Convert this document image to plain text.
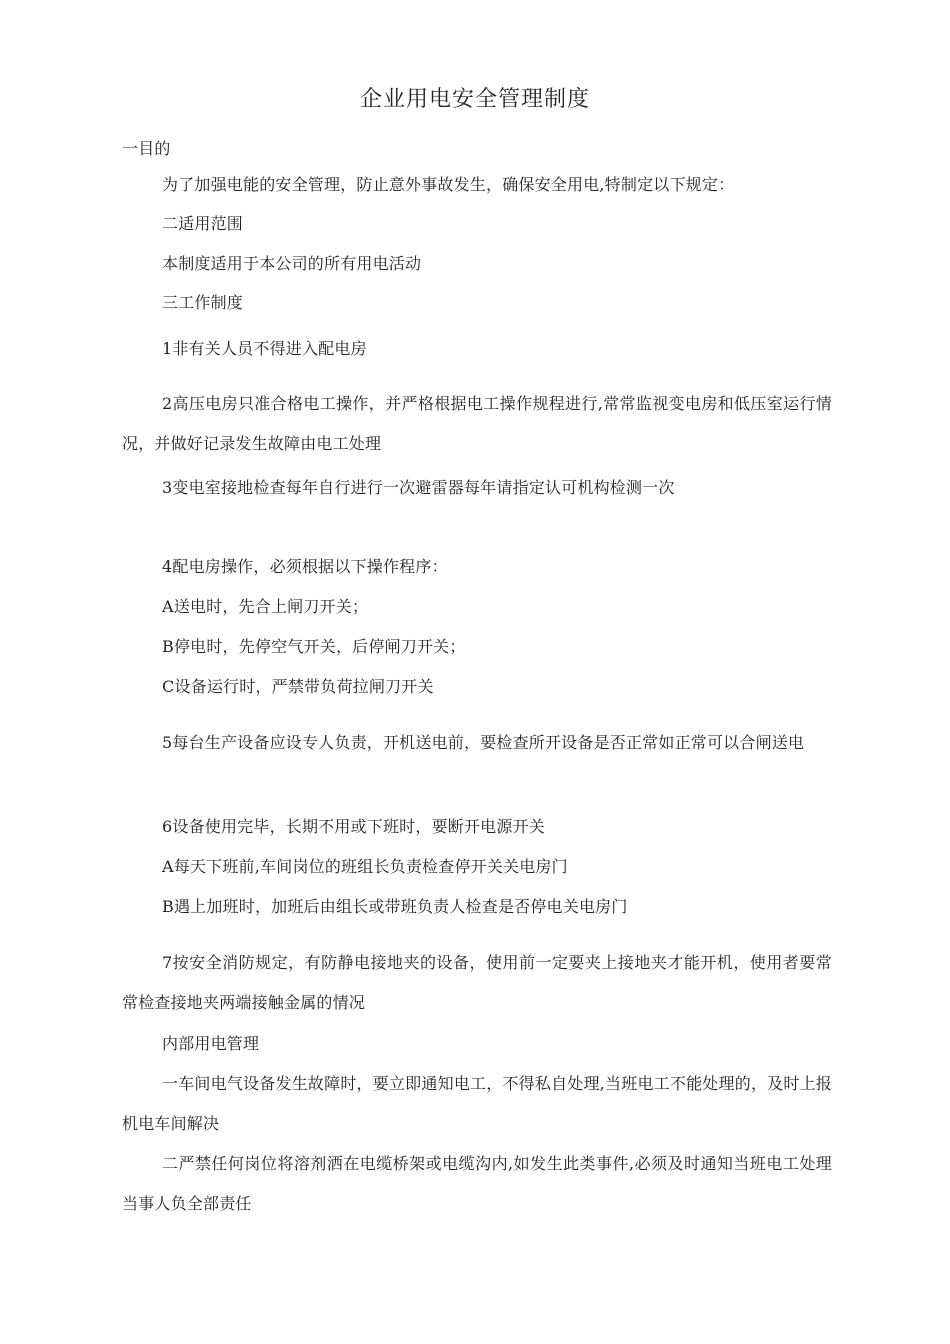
企业用电安全管理制度
一目的
为了加强电能的安全管理，防止意外事故发生，确保安全用电,特制定以下规定：
二适用范围
本制度适用于本公司的所有用电活动
三工作制度
1非有关人员不得进入配电房
2高压电房只准合格电工操作，并严格根据电工操作规程进行,常常监视变电房和低压室运行情况，并做好记录发生故障由电工处理
3变电室接地检查每年自行进行一次避雷器每年请指定认可机构检测一次
4配电房操作，必须根据以下操作程序：
A送电时，先合上闸刀开关；
B停电时，先停空气开关，后停闸刀开关；
C设备运行时，严禁带负荷拉闸刀开关
5每台生产设备应设专人负责，开机送电前，要检查所开设备是否正常如正常可以合闸送电
6设备使用完毕，长期不用或下班时，要断开电源开关
A每天下班前,车间岗位的班组长负责检查停开关关电房门
B遇上加班时，加班后由组长或带班负责人检查是否停电关电房门
7按安全消防规定，有防静电接地夹的设备，使用前一定要夹上接地夹才能开机，使用者要常常检查接地夹两端接触金属的情况
内部用电管理
一车间电气设备发生故障时，要立即通知电工，不得私自处理,当班电工不能处理的，及时上报机电车间解决
二严禁任何岗位将溶剂洒在电缆桥架或电缆沟内,如发生此类事件,必须及时通知当班电工处理当事人负全部责任
